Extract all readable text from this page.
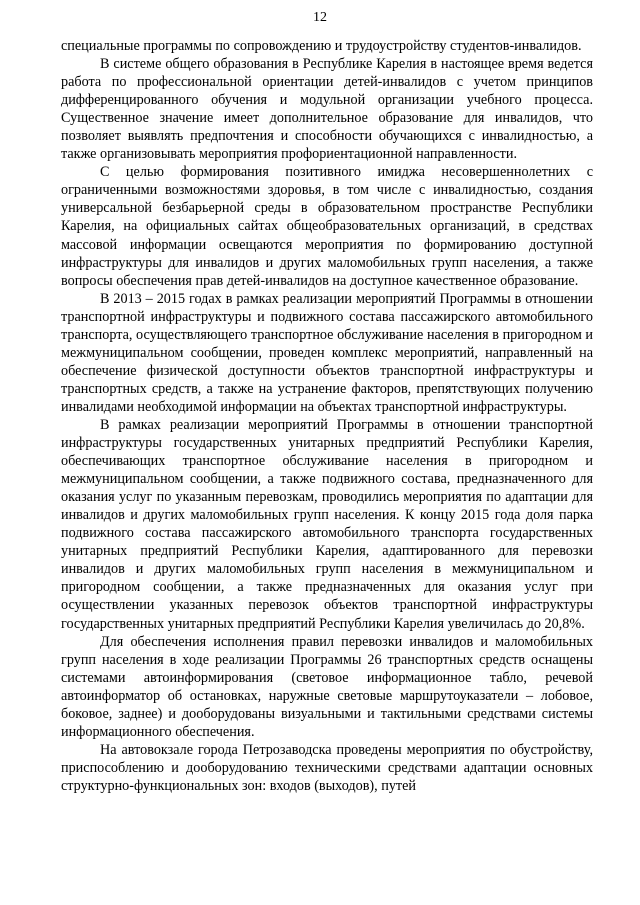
12

специальные программы по сопровождению и трудоустройству студентов-инвалидов.

В системе общего образования в Республике Карелия в настоящее время ведется работа по профессиональной ориентации детей-инвалидов с учетом принципов дифференцированного обучения и модульной организации учебного процесса. Существенное значение имеет дополнительное образование для инвалидов, что позволяет выявлять предпочтения и способности обучающихся с инвалидностью, а также организовывать мероприятия профориентационной направленности.

С целью формирования позитивного имиджа несовершеннолетних с ограниченными возможностями здоровья, в том числе с инвалидностью, создания универсальной безбарьерной среды в образовательном пространстве Республики Карелия, на официальных сайтах общеобразовательных организаций, в средствах массовой информации освещаются мероприятия по формированию доступной инфраструктуры для инвалидов и других маломобильных групп населения, а также вопросы обеспечения прав детей-инвалидов на доступное качественное образование.

В 2013 – 2015 годах в рамках реализации мероприятий Программы в отношении транспортной инфраструктуры и подвижного состава пассажирского автомобильного транспорта, осуществляющего транспортное обслуживание населения в пригородном и межмуниципальном сообщении, проведен комплекс мероприятий, направленный на обеспечение физической доступности объектов транспортной инфраструктуры и транспортных средств, а также на устранение факторов, препятствующих получению инвалидами необходимой информации на объектах транспортной инфраструктуры.

В рамках реализации мероприятий Программы в отношении транспортной инфраструктуры государственных унитарных предприятий Республики Карелия, обеспечивающих транспортное обслуживание населения в пригородном и межмуниципальном сообщении, а также подвижного состава, предназначенного для оказания услуг по указанным перевозкам, проводились мероприятия по адаптации для инвалидов и других маломобильных групп населения. К концу 2015 года доля парка подвижного состава пассажирского автомобильного транспорта государственных унитарных предприятий Республики Карелия, адаптированного для перевозки инвалидов и других маломобильных групп населения в межмуниципальном и пригородном сообщении, а также предназначенных для оказания услуг при осуществлении указанных перевозок объектов транспортной инфраструктуры государственных унитарных предприятий Республики Карелия увеличилась до 20,8%.

Для обеспечения исполнения правил перевозки инвалидов и маломобильных групп населения в ходе реализации Программы 26 транспортных средств оснащены системами автоинформирования (световое информационное табло, речевой автоинформатор об остановках, наружные световые маршрутоуказатели – лобовое, боковое, заднее) и дооборудованы визуальными и тактильными средствами системы информационного обеспечения.

На автовокзале города Петрозаводска проведены мероприятия по обустройству, приспособлению и дооборудованию техническими средствами адаптации основных структурно-функциональных зон: входов (выходов), путей
